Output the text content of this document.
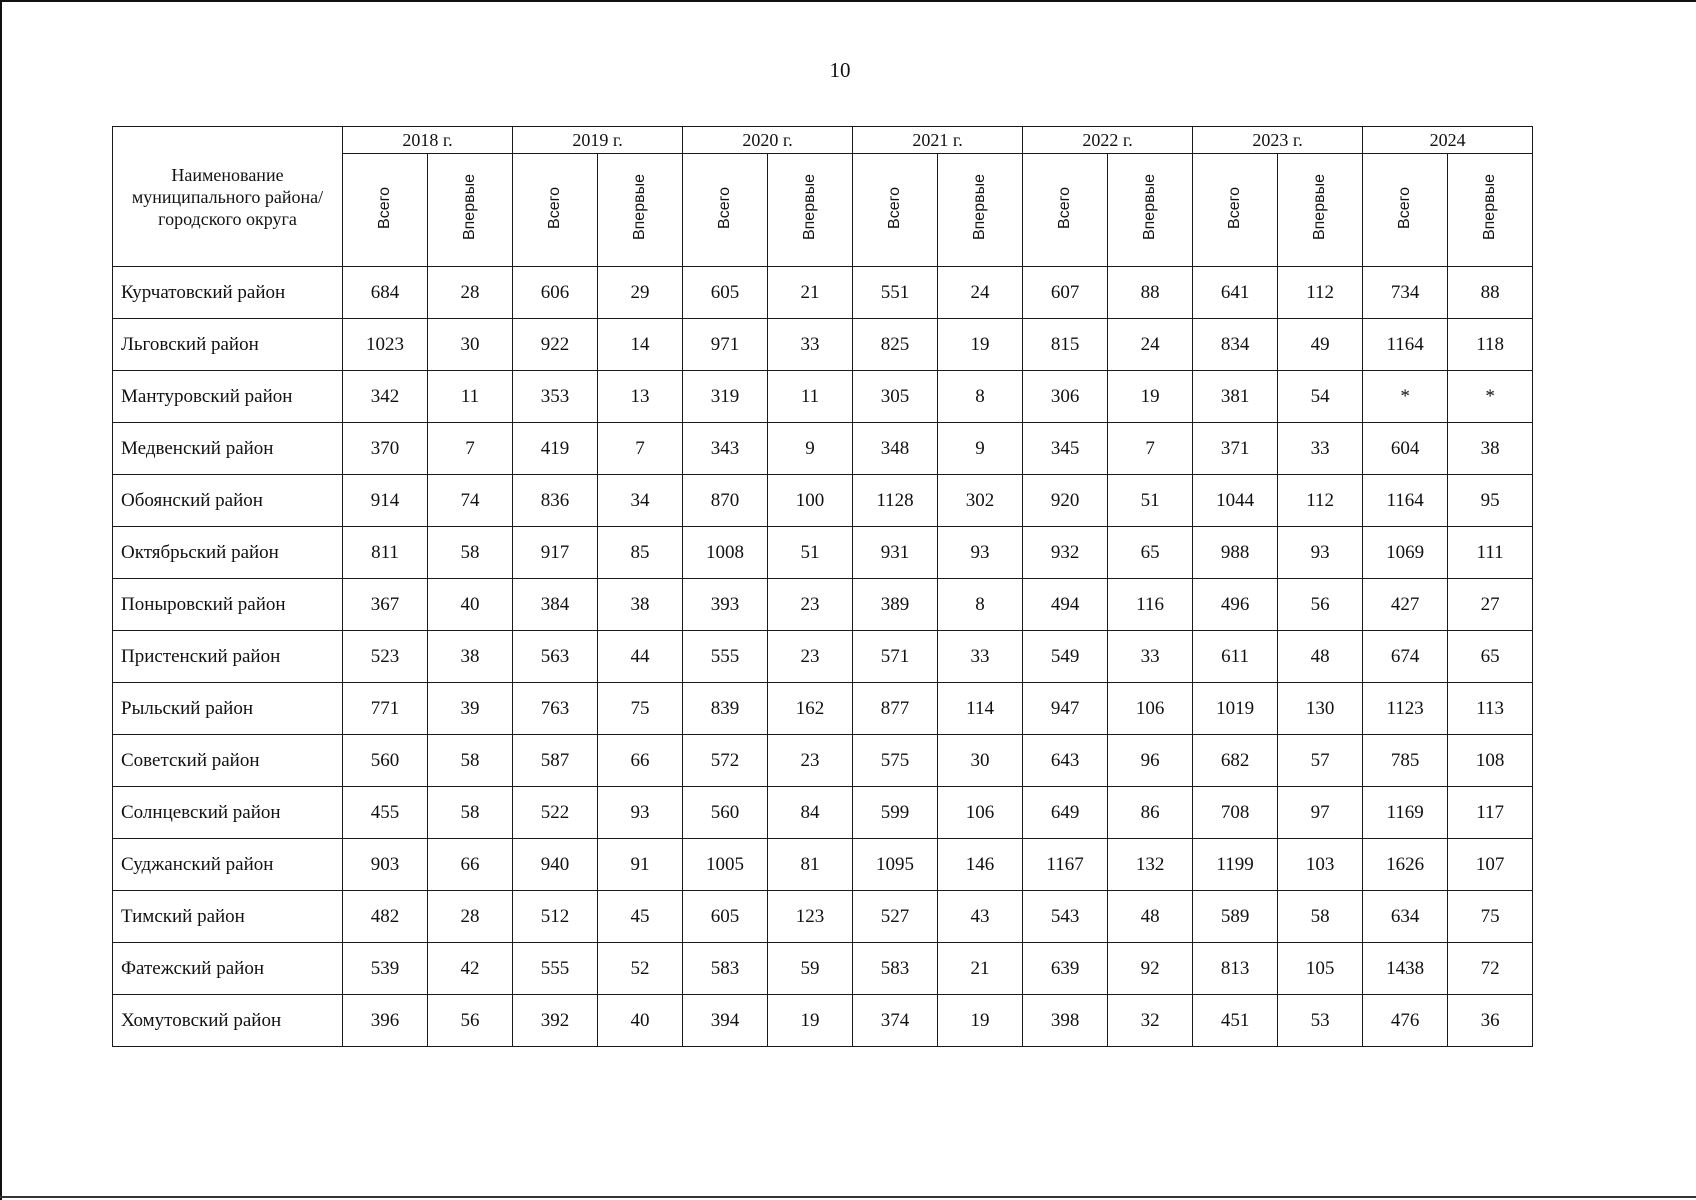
10
Наименование муниципального района/ городского округа	2018 г.		2019 г.		2020 г.		2021 г.		2022 г.		2023 г.		2024	
	Всего	Впервые	Всего	Впервые	Всего	Впервые	Всего	Впервые	Всего	Впервые	Всего	Впервые	Всего	Впервые
Курчатовский район	684	28	606	29	605	21	551	24	607	88	641	112	734	88
Льговский район	1023	30	922	14	971	33	825	19	815	24	834	49	1164	118
Мантуровский район	342	11	353	13	319	11	305	8	306	19	381	54	*	*
Медвенский район	370	7	419	7	343	9	348	9	345	7	371	33	604	38
Обоянский район	914	74	836	34	870	100	1128	302	920	51	1044	112	1164	95
Октябрьский район	811	58	917	85	1008	51	931	93	932	65	988	93	1069	111
Поныровский район	367	40	384	38	393	23	389	8	494	116	496	56	427	27
Пристенский район	523	38	563	44	555	23	571	33	549	33	611	48	674	65
Рыльский район	771	39	763	75	839	162	877	114	947	106	1019	130	1123	113
Советский район	560	58	587	66	572	23	575	30	643	96	682	57	785	108
Солнцевский район	455	58	522	93	560	84	599	106	649	86	708	97	1169	117
Суджанский район	903	66	940	91	1005	81	1095	146	1167	132	1199	103	1626	107
Тимский район	482	28	512	45	605	123	527	43	543	48	589	58	634	75
Фатежский район	539	42	555	52	583	59	583	21	639	92	813	105	1438	72
Хомутовский район	396	56	392	40	394	19	374	19	398	32	451	53	476	36
